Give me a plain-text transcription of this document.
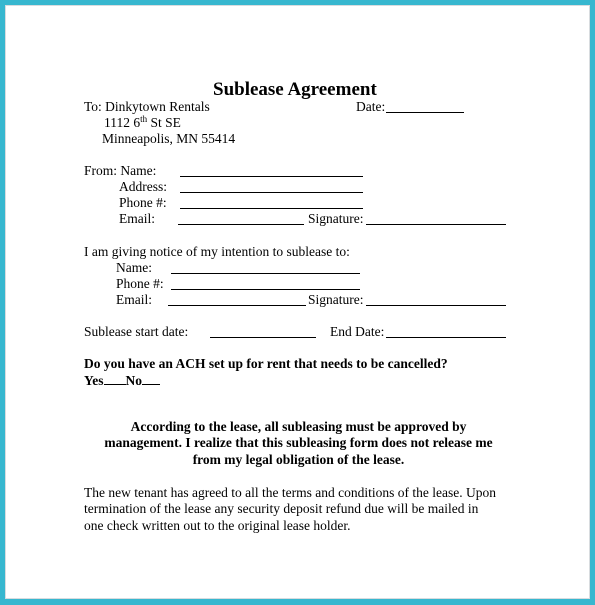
Sublease Agreement
To: Dinkytown Rentals	Date:
1112 6th St SE
Minneapolis, MN 55414
From: Name:
Address:
Phone #:
Email:	Signature:
I am giving notice of my intention to sublease to:
Name:
Phone #:
Email:	Signature:
Sublease start date:	End Date:
Do you have an ACH set up for rent that needs to be cancelled?
Yes No
According to the lease, all subleasing must be approved by
management. I realize that this subleasing form does not release me
from my legal obligation of the lease.
The new tenant has agreed to all the terms and conditions of the lease. Upon
termination of the lease any security deposit refund due will be mailed in
one check written out to the original lease holder.
